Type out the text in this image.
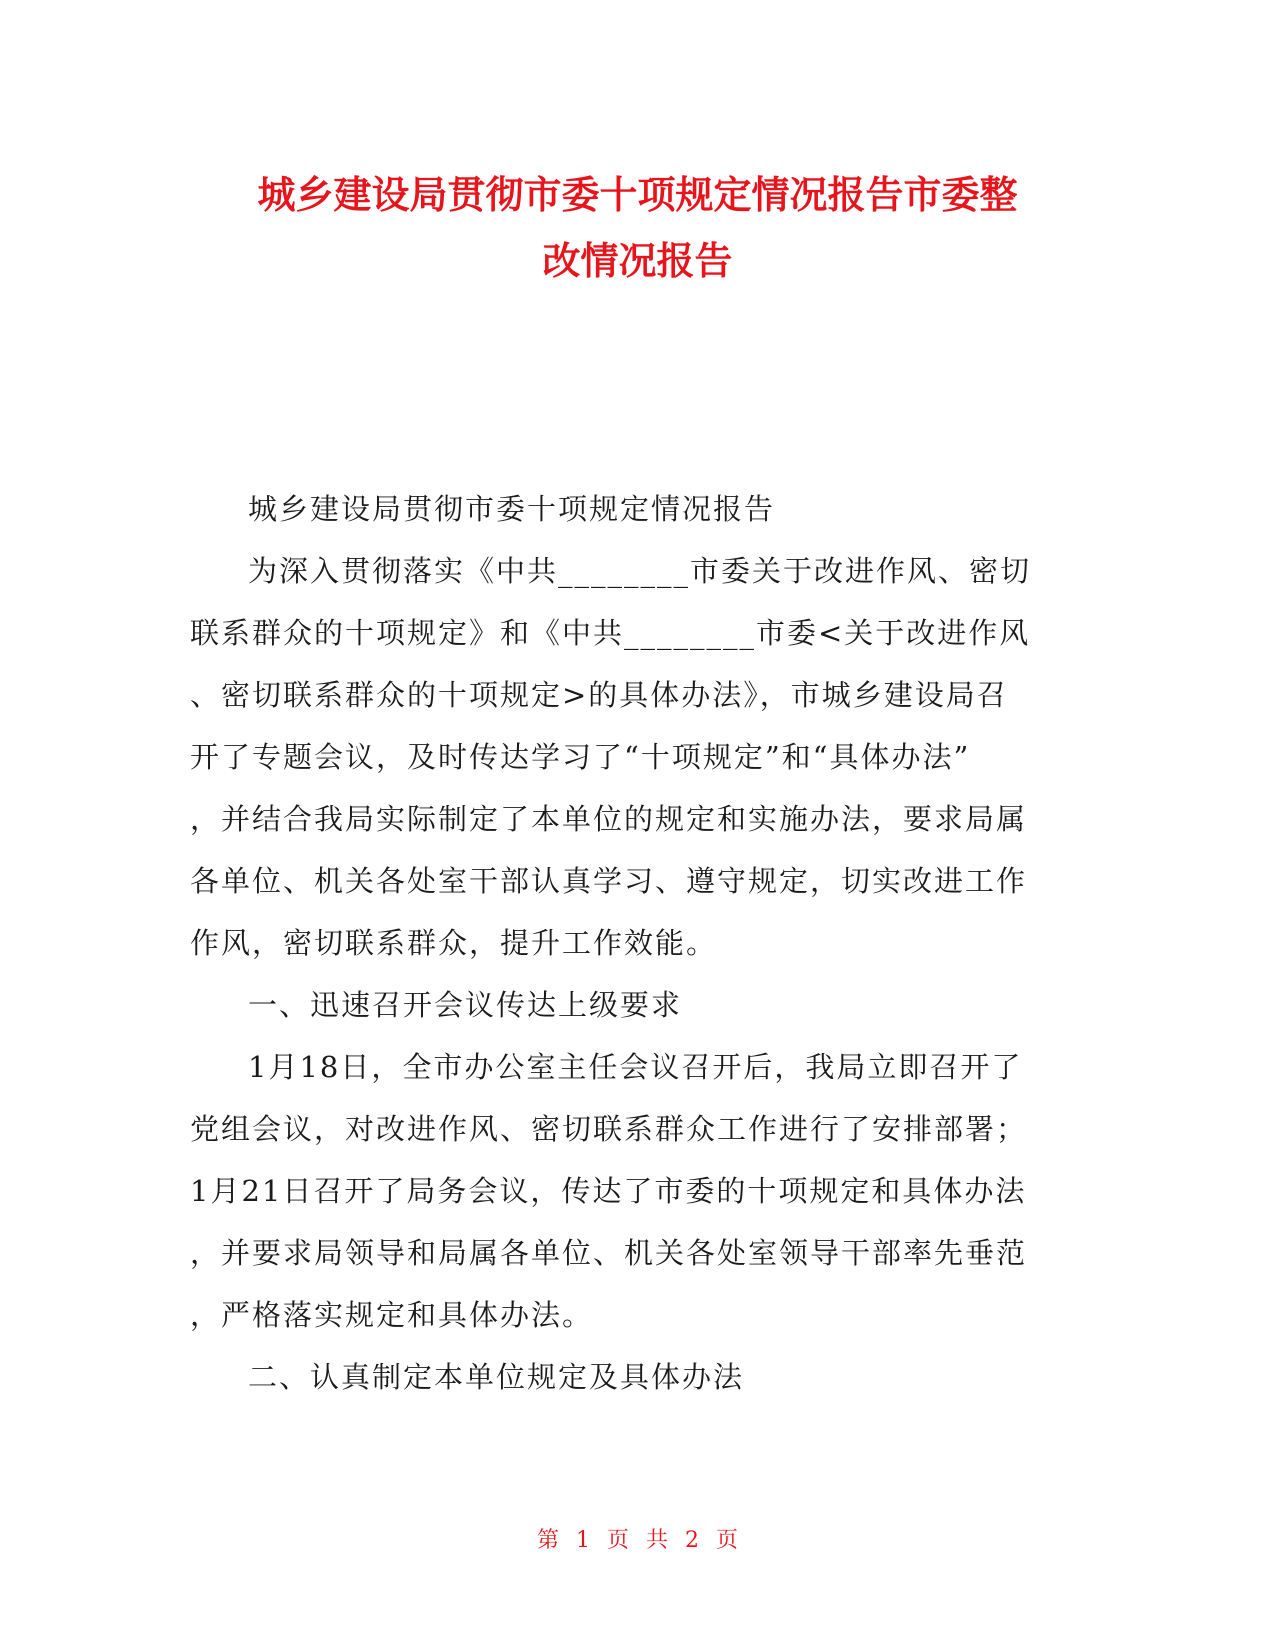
城乡建设局贯彻市委十项规定情况报告市委整
改情况报告
城乡建设局贯彻市委十项规定情况报告
为深入贯彻落实《中共________市委关于改进作风、密切
联系群众的十项规定》和《中共________市委<关于改进作风
、密切联系群众的十项规定>的具体办法》，市城乡建设局召
开了专题会议，及时传达学习了“十项规定”和“具体办法”
，并结合我局实际制定了本单位的规定和实施办法，要求局属
各单位、机关各处室干部认真学习、遵守规定，切实改进工作
作风，密切联系群众，提升工作效能。
一、迅速召开会议传达上级要求
1月18日，全市办公室主任会议召开后，我局立即召开了
党组会议，对改进作风、密切联系群众工作进行了安排部署；
1月21日召开了局务会议，传达了市委的十项规定和具体办法
，并要求局领导和局属各单位、机关各处室领导干部率先垂范
，严格落实规定和具体办法。
二、认真制定本单位规定及具体办法
第 1 页 共 2 页
